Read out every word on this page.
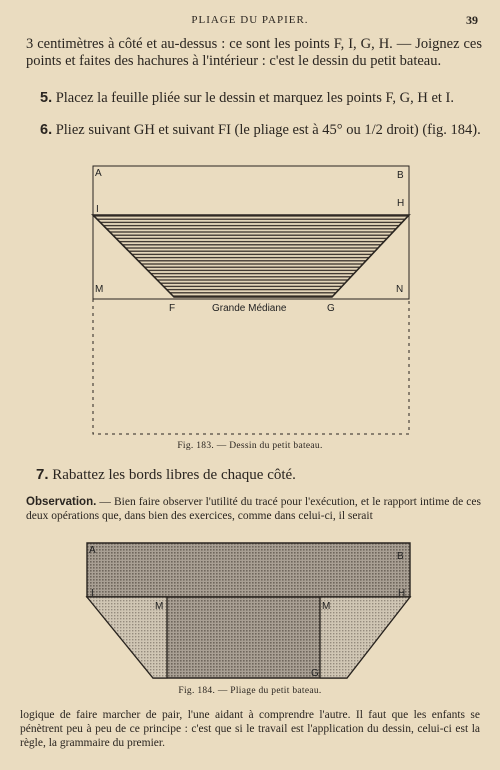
PLIAGE DU PAPIER.	39
3 centimètres à côté et au-dessus : ce sont les points F, I, G, H. — Joignez ces points et faites des hachures à l'intérieur : c'est le dessin du petit bateau.
5. Placez la feuille pliée sur le dessin et marquez les points F, G, H et I.
6. Pliez suivant GH et suivant FI (le pliage est à 45° ou 1/2 droit) (fig. 184).
A	B
I
H
M	N
F	G
Grande Médiane
A
B
I	H
M	M
G
Fig. 183. — Dessin du petit bateau.
7. Rabattez les bords libres de chaque côté.
Observation. — Bien faire observer l'utilité du tracé pour l'exécution, et le rapport intime de ces deux opérations que, dans bien des exercices, comme dans celui-ci, il serait
Fig. 184. — Pliage du petit bateau.
logique de faire marcher de pair, l'une aidant à comprendre l'autre. Il faut que les enfants se pénètrent peu à peu de ce principe : c'est que si le travail est l'application du dessin, celui-ci est la règle, la grammaire du premier.
